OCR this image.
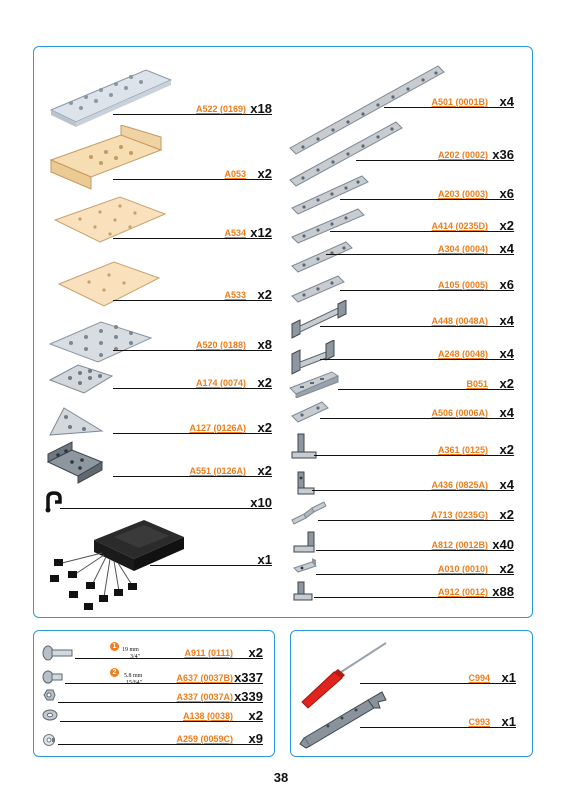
A522 (0169) x18
A053 x2
A534 x12
A533 x2
A520 (0188) x8
A174 (0074) x2
A127 (0126A) x2
A551 (0126A) x2
x10
x1
A501 (0001B) x4
A202 (0002) x36
A203 (0003) x6
A414 (0235D) x2
A304 (0004) x4
A105 (0005) x6
A448 (0048A) x4
A248 (0048) x4
B051 x2
A506 (0006A) x4
A361 (0125) x2
A436 (0825A) x4
A713 (0235G) x2
A812 (0012B) x40
A010 (0010) x2
A912 (0012) x88
1 19 mm
3/4"	A911 (0111) x2
2	5.8 mm
15/64"	A637 (0037B) x337
A337 (0037A) x339
A138 (0038) x2
A259 (0059C) x9
C994 x1
C993 x1
38
